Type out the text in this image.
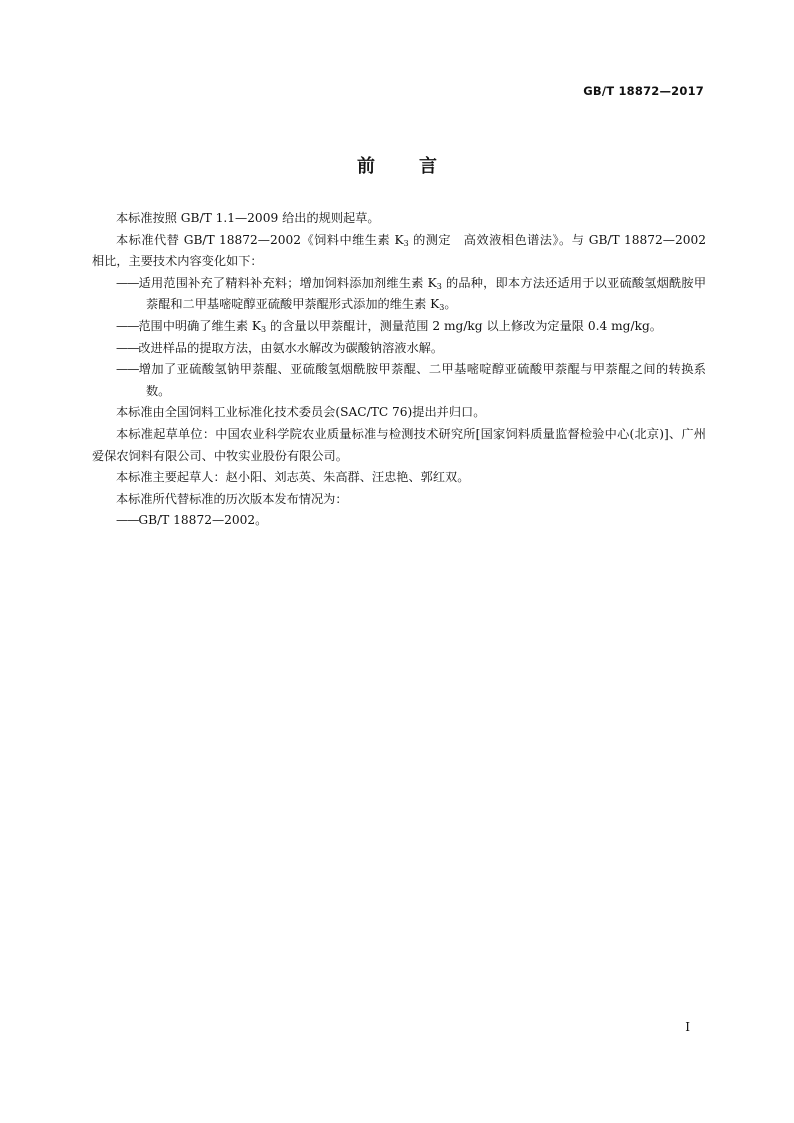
GB/T 18872—2017
前言

本标准按照 GB/T 1.1—2009 给出的规则起草。

本标准代替 GB/T 18872—2002《饲料中维生素 $K_3$ 的测定　高效液相色谱法》。与 GB/T 18872—2002 相比，主要技术内容变化如下：

——适用范围补充了精料补充料；增加饲料添加剂维生素 $K_3$ 的品种，即本方法还适用于以亚硫酸氢烟酰胺甲萘醌和二甲基嘧啶醇亚硫酸甲萘醌形式添加的维生素 $K_3$。

——范围中明确了维生素 $K_3$ 的含量以甲萘醌计，测量范围 2 mg/kg 以上修改为定量限 0.4 mg/kg。

——改进样品的提取方法，由氨水水解改为碳酸钠溶液水解。

——增加了亚硫酸氢钠甲萘醌、亚硫酸氢烟酰胺甲萘醌、二甲基嘧啶醇亚硫酸甲萘醌与甲萘醌之间的转换系数。

本标准由全国饲料工业标准化技术委员会(SAC/TC 76)提出并归口。

本标准起草单位：中国农业科学院农业质量标准与检测技术研究所[国家饲料质量监督检验中心(北京)]、广州爱保农饲料有限公司、中牧实业股份有限公司。

本标准主要起草人：赵小阳、刘志英、朱高群、汪忠艳、郭红双。

本标准所代替标准的历次版本发布情况为：

——GB/T 18872—2002。

I
